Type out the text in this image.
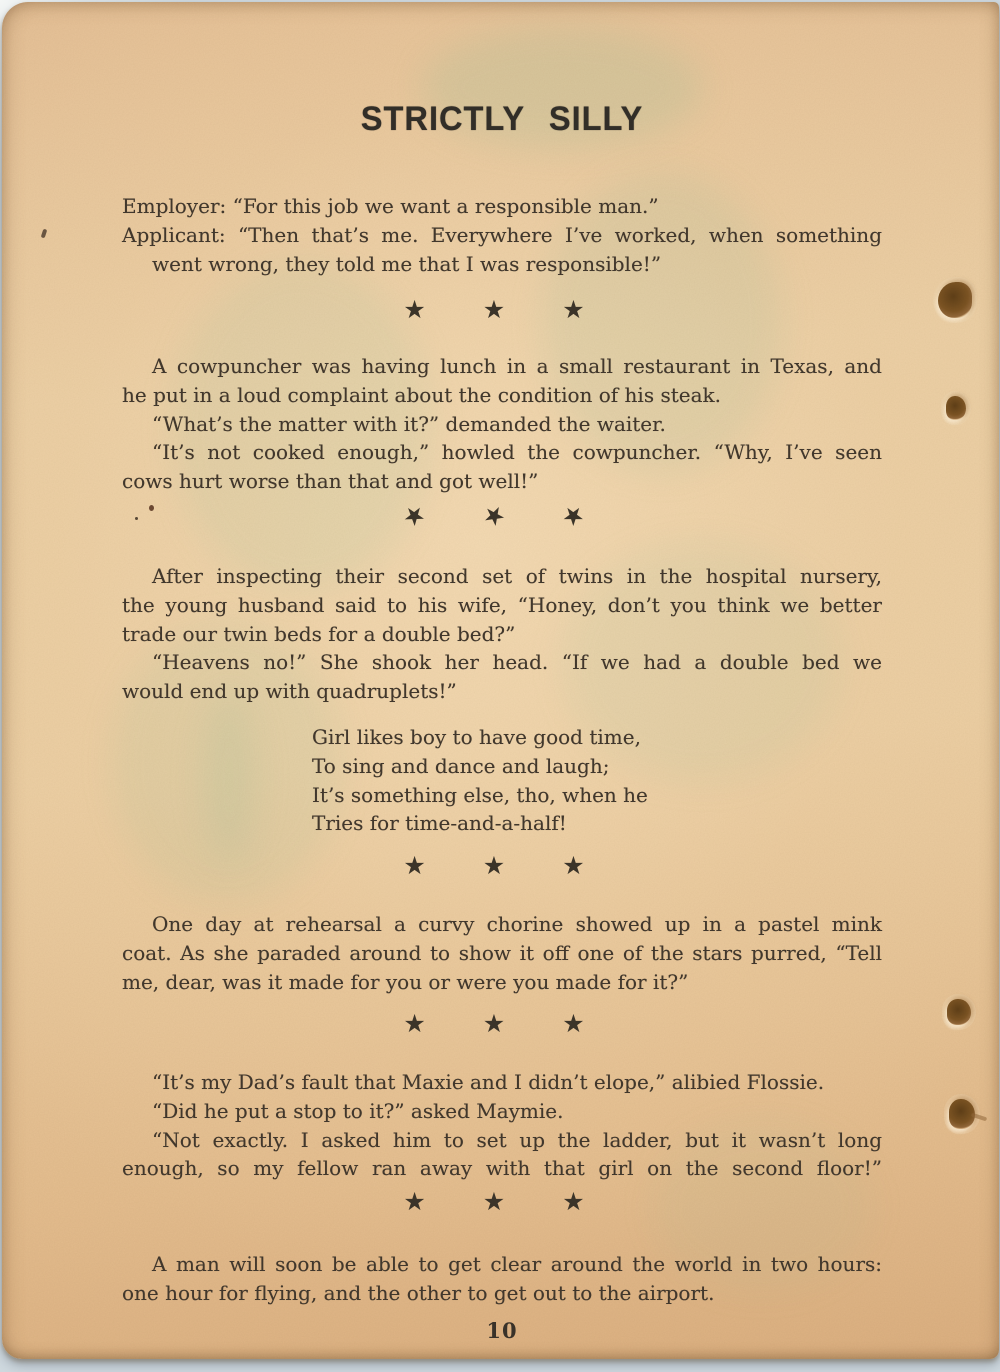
STRICTLY SILLY
Employer: “For this job we want a responsible man.”
Applicant: “Then that’s me. Everywhere I’ve worked, when something
went wrong, they told me that I was responsible!”
★ ★ ★
A cowpuncher was having lunch in a small restaurant in Texas, and
he put in a loud complaint about the condition of his steak.
“What’s the matter with it?” demanded the waiter.
“It’s not cooked enough,” howled the cowpuncher. “Why, I’ve seen
cows hurt worse than that and got well!”
★ ★ ★
After inspecting their second set of twins in the hospital nursery,
the young husband said to his wife, “Honey, don’t you think we better
trade our twin beds for a double bed?”
“Heavens no!” She shook her head. “If we had a double bed we
would end up with quadruplets!”
Girl likes boy to have good time,
To sing and dance and laugh;
It’s something else, tho, when he
Tries for time-and-a-half!
★ ★ ★
One day at rehearsal a curvy chorine showed up in a pastel mink
coat. As she paraded around to show it off one of the stars purred, “Tell
me, dear, was it made for you or were you made for it?”
★ ★ ★
“It’s my Dad’s fault that Maxie and I didn’t elope,” alibied Flossie.
“Did he put a stop to it?” asked Maymie.
“Not exactly. I asked him to set up the ladder, but it wasn’t long
enough, so my fellow ran away with that girl on the second floor!”
★ ★ ★
A man will soon be able to get clear around the world in two hours:
one hour for flying, and the other to get out to the airport.
10
